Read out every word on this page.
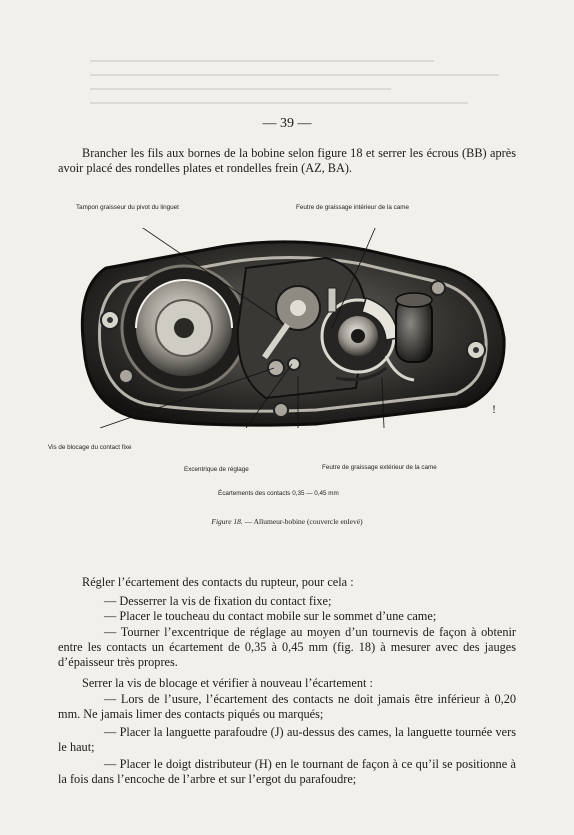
— 39 —
Brancher les fils aux bornes de la bobine selon figure 18 et serrer les écrous (BB) après avoir placé des rondelles plates et rondelles frein (AZ, BA).
Tampon graisseur du pivot du linguet	Feutre de graissage intérieur de la came
Vis de blocage du contact fixe
Excentrique de réglage	Feutre de graissage extérieur de la came
Écartements des contacts 0,35 — 0,45 mm
Figure 18. — Allumeur-bobine (couvercle enlevé)
!
Régler l’écartement des contacts du rupteur, pour cela :
— Desserrer la vis de fixation du contact fixe;
— Placer le toucheau du contact mobile sur le sommet d’une came;
— Tourner l’excentrique de réglage au moyen d’un tournevis de façon à obtenir entre les contacts un écartement de 0,35 à 0,45 mm (fig. 18) à mesurer avec des jauges d’épaisseur très propres.
Serrer la vis de blocage et vérifier à nouveau l’écartement :
— Lors de l’usure, l’écartement des contacts ne doit jamais être inférieur à 0,20 mm. Ne jamais limer des contacts piqués ou marqués;
— Placer la languette parafoudre (J) au-dessus des cames, la languette tournée vers le haut;
— Placer le doigt distributeur (H) en le tournant de façon à ce qu’il se positionne à la fois dans l’encoche de l’arbre et sur l’ergot du parafoudre;
